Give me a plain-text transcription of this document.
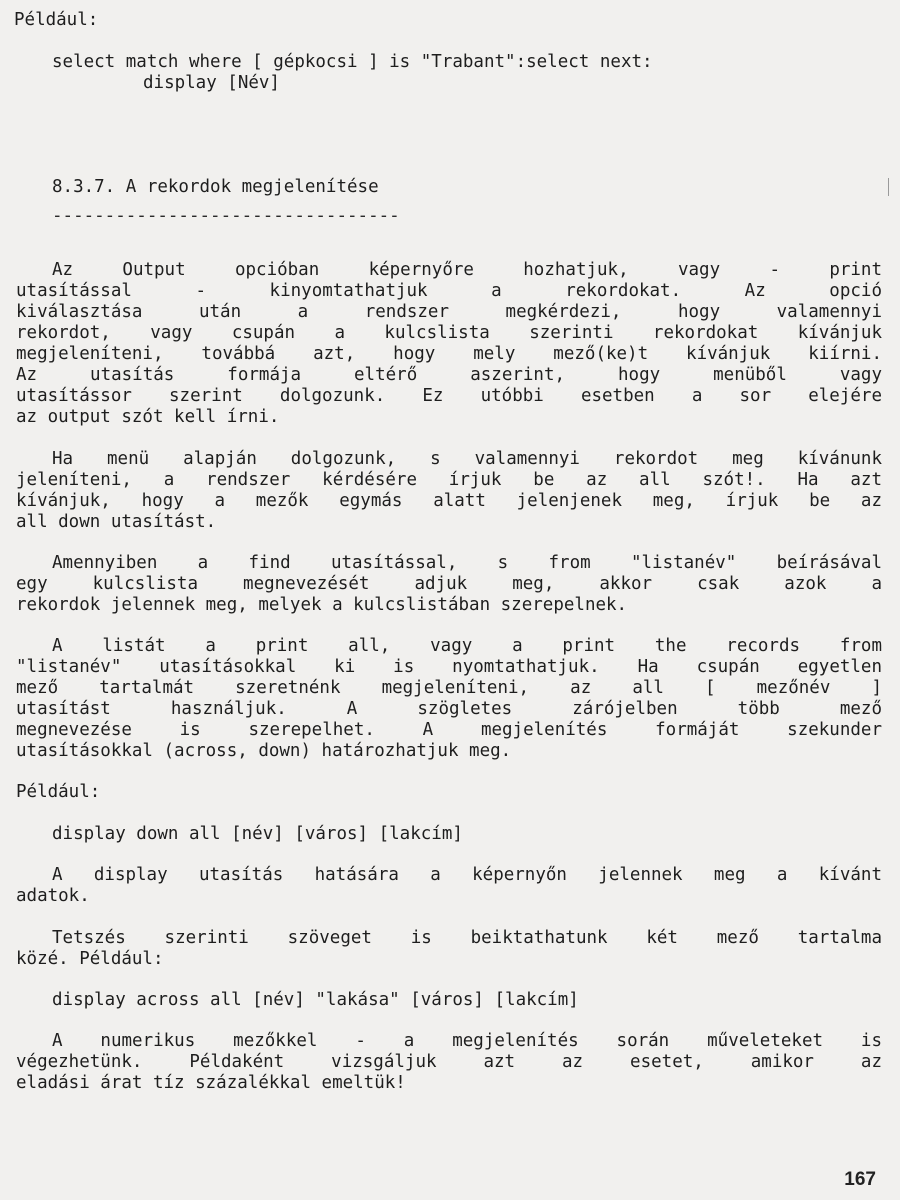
Például:
select match where [ gépkocsi ] is "Trabant":select next:
display [Név]
8.3.7. A rekordok megjelenítése
---------------------------------
Az Output opcióban képernyőre hozhatjuk, vagy - print
utasítással - kinyomtathatjuk a rekordokat. Az opció
kiválasztása után a rendszer megkérdezi, hogy valamennyi
rekordot, vagy csupán a kulcslista szerinti rekordokat kívánjuk
megjeleníteni, továbbá azt, hogy mely mező(ke)t kívánjuk kiírni.
Az utasítás formája eltérő aszerint, hogy menüből vagy
utasítássor szerint dolgozunk. Ez utóbbi esetben a sor elejére
az output szót kell írni.
Ha menü alapján dolgozunk, s valamennyi rekordot meg kívánunk
jeleníteni, a rendszer kérdésére írjuk be az all szót!. Ha azt
kívánjuk, hogy a mezők egymás alatt jelenjenek meg, írjuk be az
all down utasítást.
Amennyiben a find utasítással, s from "listanév" beírásával
egy kulcslista megnevezését adjuk meg, akkor csak azok a
rekordok jelennek meg, melyek a kulcslistában szerepelnek.
A listát a print all, vagy a print the records from
"listanév" utasításokkal ki is nyomtathatjuk. Ha csupán egyetlen
mező tartalmát szeretnénk megjeleníteni, az all [ mezőnév ]
utasítást használjuk. A szögletes zárójelben több mező
megnevezése is szerepelhet. A megjelenítés formáját szekunder
utasításokkal (across, down) határozhatjuk meg.
Például:
display down all [név] [város] [lakcím]
A display utasítás hatására a képernyőn jelennek meg a kívánt
adatok.
Tetszés szerinti szöveget is beiktathatunk két mező tartalma
közé. Például:
display across all [név] "lakása" [város] [lakcím]
A numerikus mezőkkel - a megjelenítés során műveleteket is
végezhetünk. Példaként vizsgáljuk azt az esetet, amikor az
eladási árat tíz százalékkal emeltük!
167
